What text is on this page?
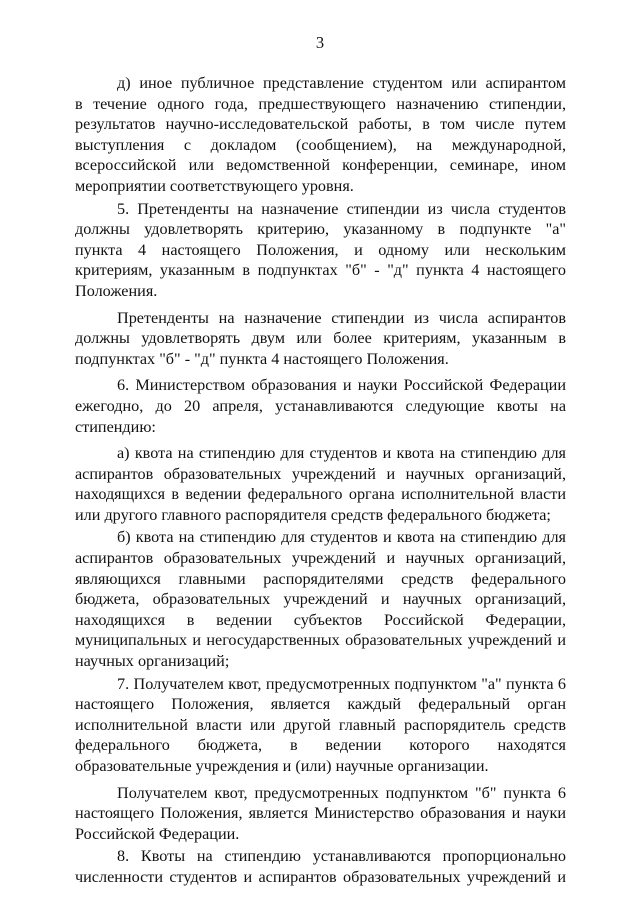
3
д) иное публичное представление студентом или аспирантом
в течение одного года, предшествующего назначению стипендии,
результатов научно-исследовательской работы, в том числе путем
выступления с докладом (сообщением), на международной,
всероссийской или ведомственной конференции, семинаре, ином
мероприятии соответствующего уровня.
5. Претенденты на назначение стипендии из числа студентов
должны удовлетворять критерию, указанному в подпункте "а"
пункта 4 настоящего Положения, и одному или нескольким
критериям, указанным в подпунктах "б" - "д" пункта 4 настоящего
Положения.
Претенденты на назначение стипендии из числа аспирантов
должны удовлетворять двум или более критериям, указанным в
подпунктах "б" - "д" пункта 4 настоящего Положения.
6. Министерством образования и науки Российской Федерации
ежегодно, до 20 апреля, устанавливаются следующие квоты на
стипендию:
а) квота на стипендию для студентов и квота на стипендию для
аспирантов образовательных учреждений и научных организаций,
находящихся в ведении федерального органа исполнительной власти
или другого главного распорядителя средств федерального бюджета;
б) квота на стипендию для студентов и квота на стипендию для
аспирантов образовательных учреждений и научных организаций,
являющихся главными распорядителями средств федерального
бюджета, образовательных учреждений и научных организаций,
находящихся в ведении субъектов Российской Федерации,
муниципальных и негосударственных образовательных учреждений и
научных организаций;
7. Получателем квот, предусмотренных подпунктом "а" пункта 6
настоящего Положения, является каждый федеральный орган
исполнительной власти или другой главный распорядитель средств
федерального бюджета, в ведении которого находятся
образовательные учреждения и (или) научные организации.
Получателем квот, предусмотренных подпунктом "б" пункта 6
настоящего Положения, является Министерство образования и науки
Российской Федерации.
8. Квоты на стипендию устанавливаются пропорционально
численности студентов и аспирантов образовательных учреждений и
